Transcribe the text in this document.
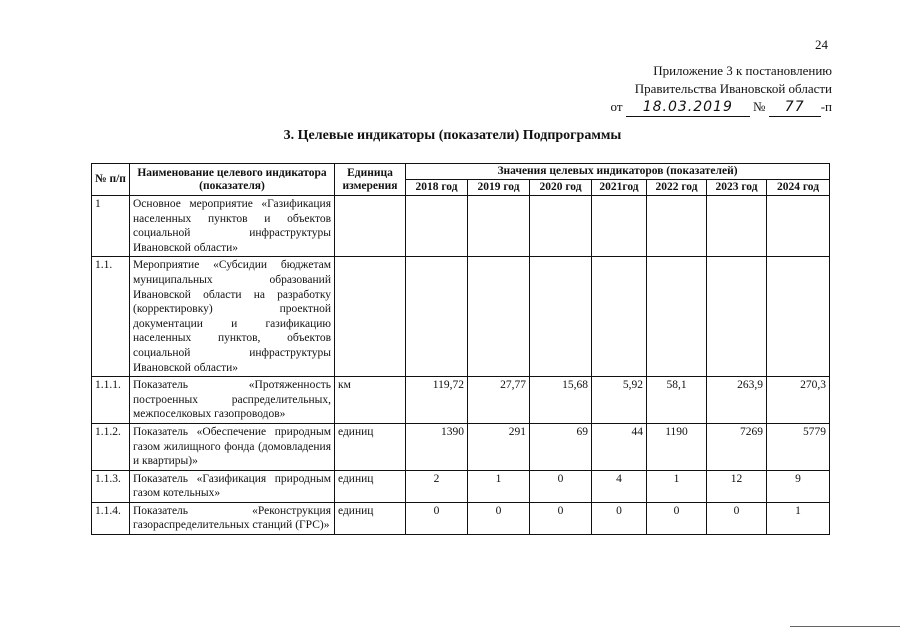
24
Приложение 3 к постановлению
Правительства Ивановской области
от 18.03.2019 № 77 -п
3. Целевые индикаторы (показатели) Подпрограммы
№ п/п	Наименование целевого индикатора (показателя)	Единица измерения	Значения целевых индикаторов (показателей)						
			2018 год	2019 год	2020 год	2021год	2022 год	2023 год	2024 год
1	Основное мероприятие «Газификация населенных пунктов и объектов социальной инфраструктуры Ивановской области»								
1.1.	Мероприятие «Субсидии бюджетам муниципальных образований Ивановской области на разработку (корректировку) проектной документации и газификацию населенных пунктов, объектов социальной инфраструктуры Ивановской области»								
1.1.1.	Показатель «Протяженность построенных распределительных, межпоселковых газопроводов»	км	119,72	27,77	15,68	5,92	58,1	263,9	270,3
1.1.2.	Показатель «Обеспечение природным газом жилищного фонда (домовладения и квартиры)»	единиц	1390	291	69	44	1190	7269	5779
1.1.3.	Показатель «Газификация природным газом котельных»	единиц	2	1	0	4	1	12	9
1.1.4.	Показатель «Реконструкция газораспределительных станций (ГРС)»	единиц	0	0	0	0	0	0	1
